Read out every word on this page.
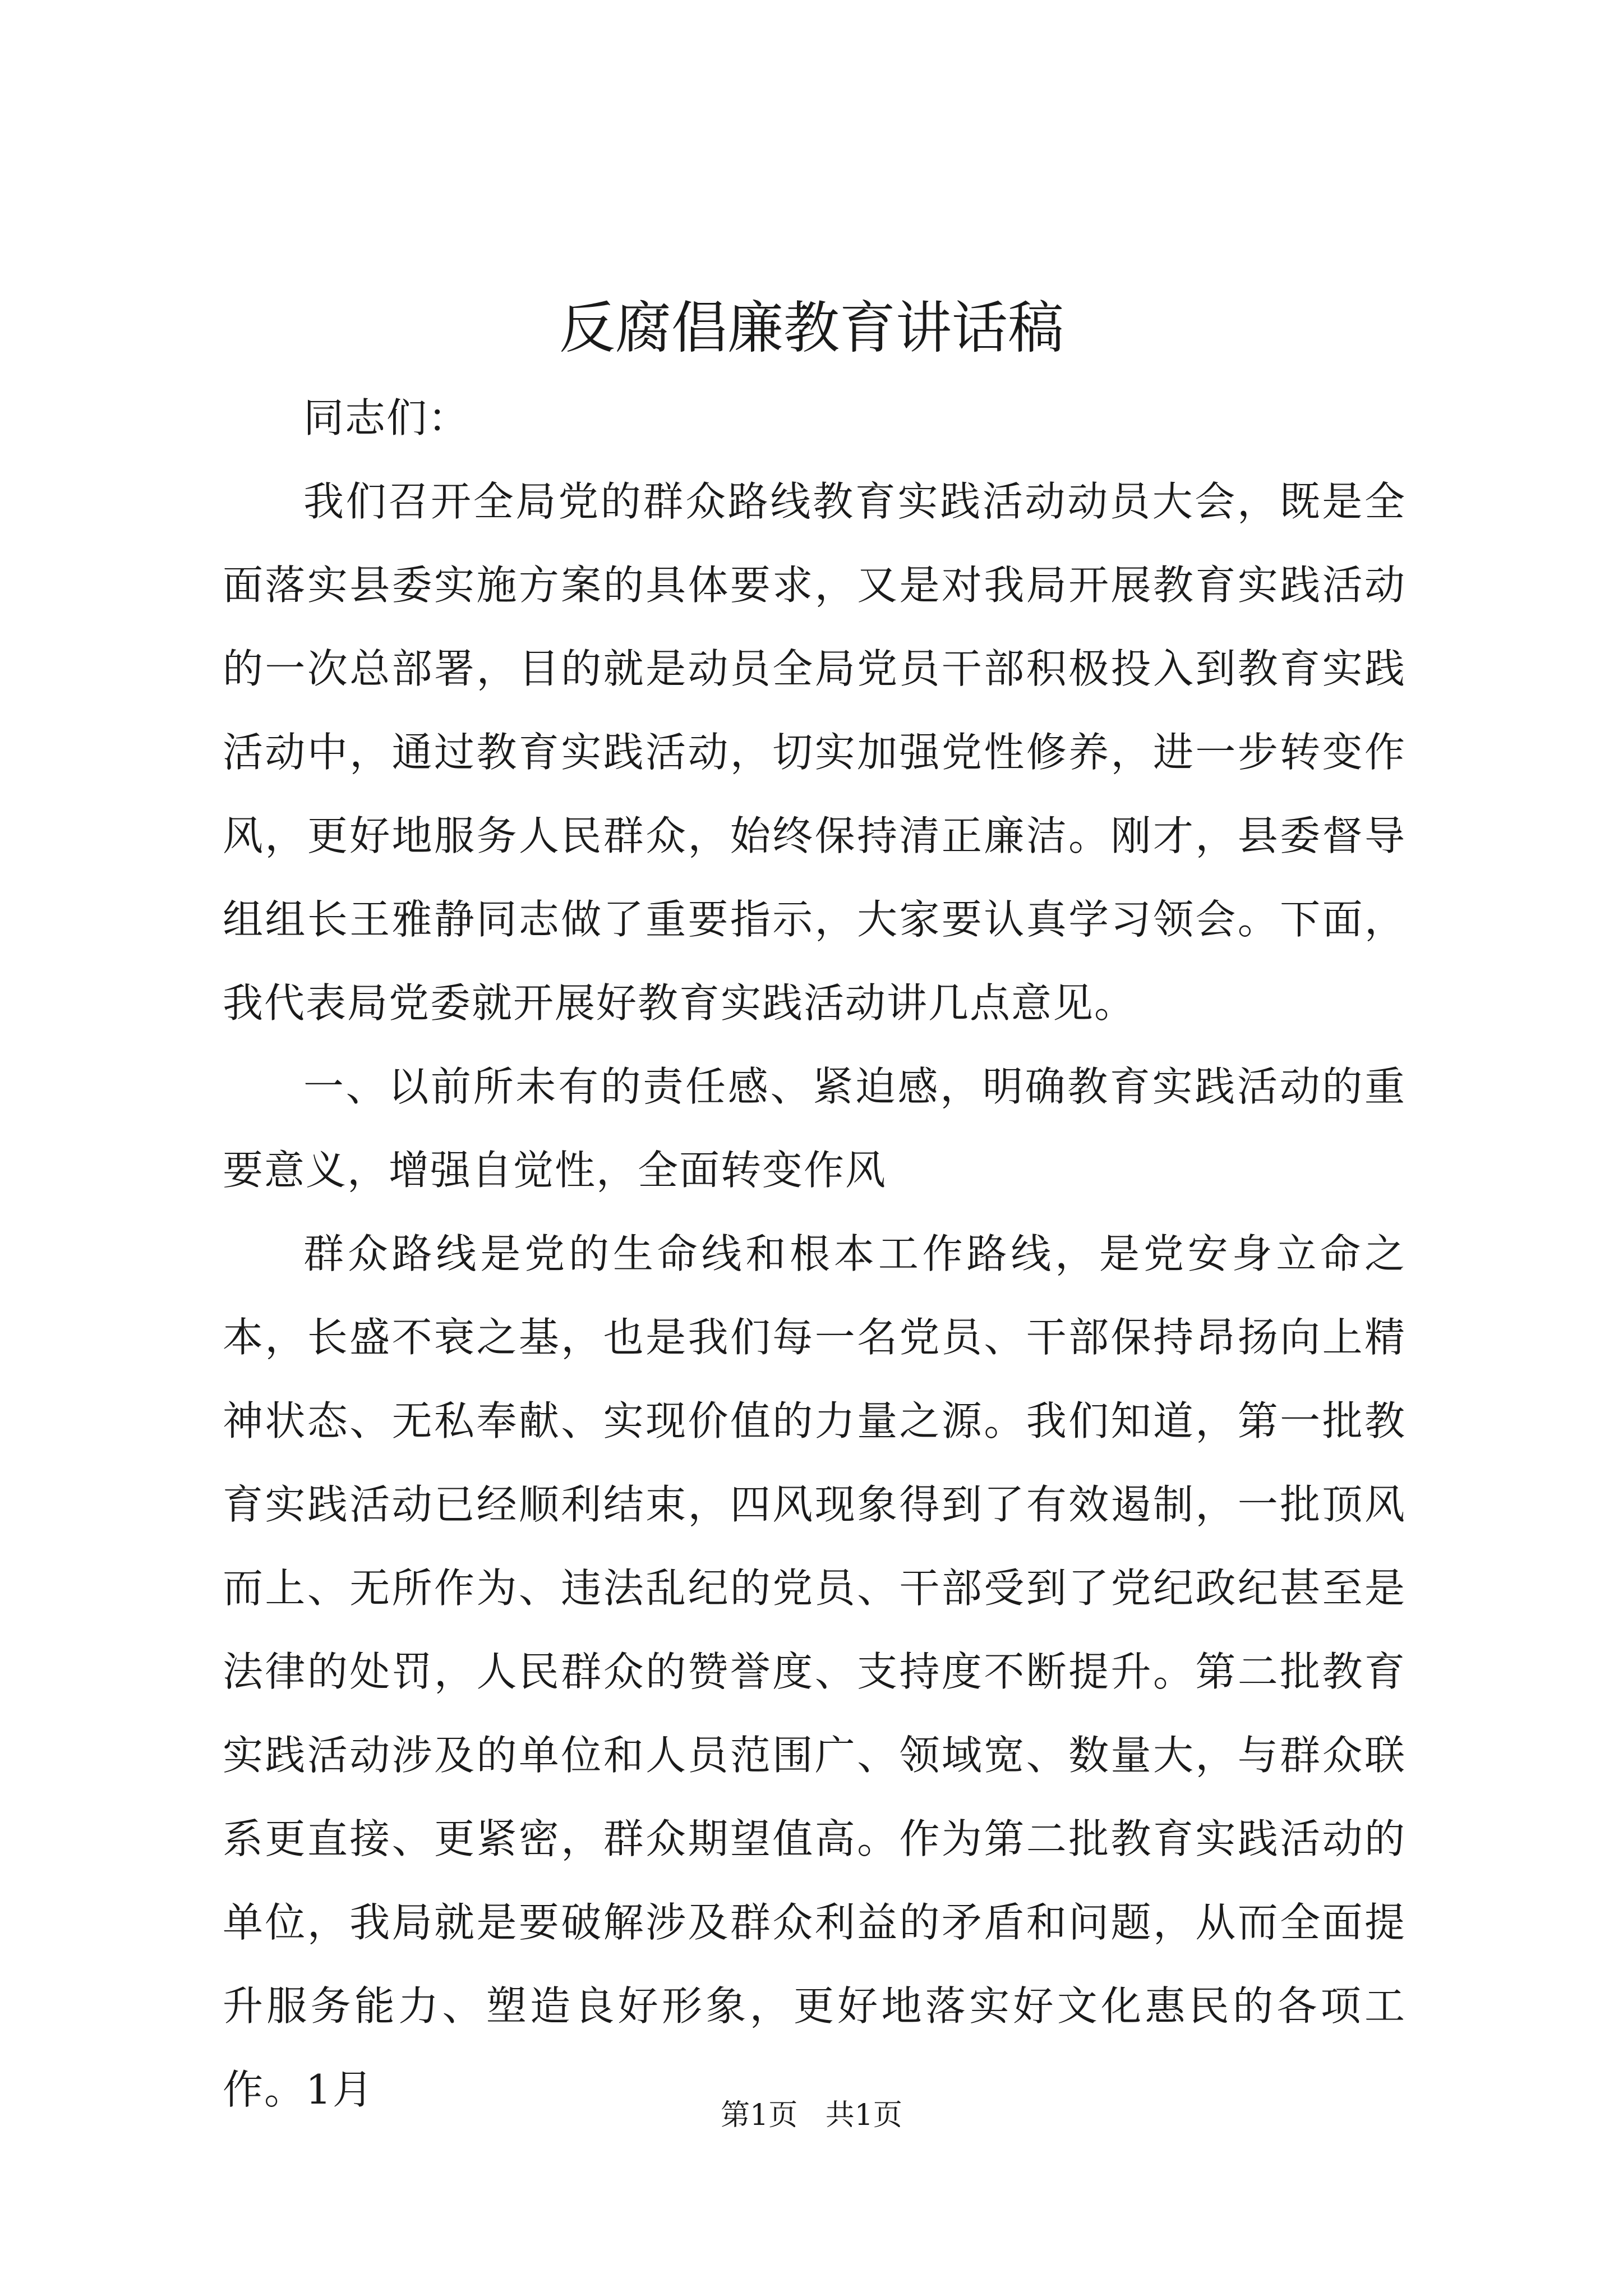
反腐倡廉教育讲话稿

同志们：

我们召开全局党的群众路线教育实践活动动员大会，既是全面落实县委实施方案的具体要求，又是对我局开展教育实践活动的一次总部署，目的就是动员全局党员干部积极投入到教育实践活动中，通过教育实践活动，切实加强党性修养，进一步转变作风，更好地服务人民群众，始终保持清正廉洁。刚才，县委督导组组长王雅静同志做了重要指示，大家要认真学习领会。下面，我代表局党委就开展好教育实践活动讲几点意见。

一、以前所未有的责任感、紧迫感，明确教育实践活动的重要意义，增强自觉性，全面转变作风

群众路线是党的生命线和根本工作路线，是党安身立命之本，长盛不衰之基，也是我们每一名党员、干部保持昂扬向上精神状态、无私奉献、实现价值的力量之源。我们知道，第一批教育实践活动已经顺利结束，四风现象得到了有效遏制，一批顶风而上、无所作为、违法乱纪的党员、干部受到了党纪政纪甚至是法律的处罚，人民群众的赞誉度、支持度不断提升。第二批教育实践活动涉及的单位和人员范围广、领域宽、数量大，与群众联系更直接、更紧密，群众期望值高。作为第二批教育实践活动的单位，我局就是要破解涉及群众利益的矛盾和问题，从而全面提升服务能力、塑造良好形象，更好地落实好文化惠民的各项工作。1月

第1页 共1页
